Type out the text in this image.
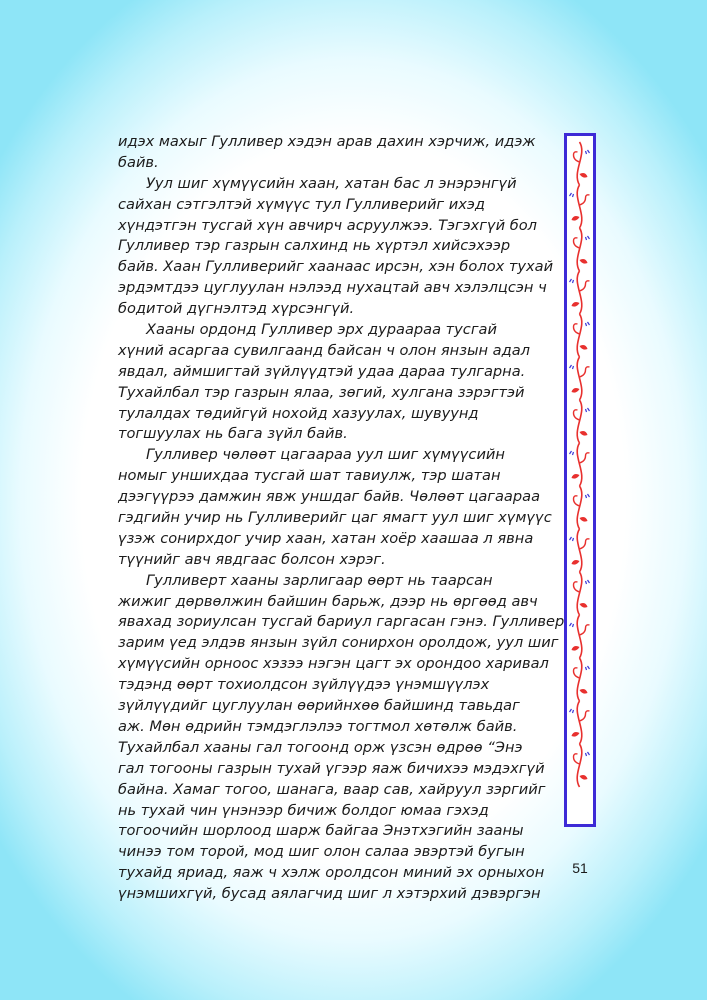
идэх махыг Гулливер хэдэн арав дахин хэрчиж, идэж
байв.
Уул шиг хүмүүсийн хаан, хатан бас л энэрэнгүй
сайхан сэтгэлтэй хүмүүс тул Гулливерийг ихэд
хүндэтгэн тусгай хүн авчирч асруулжээ. Тэгэхгүй бол
Гулливер тэр газрын салхинд нь хүртэл хийсэхээр
байв. Хаан Гулливерийг хаанаас ирсэн, хэн болох тухай
эрдэмтдээ цуглуулан нэлээд нухацтай авч хэлэлцсэн ч
бодитой дүгнэлтэд хүрсэнгүй.
Хааны ордонд Гулливер эрх дураараа тусгай
хүний асаргаа сувилгаанд байсан ч олон янзын адал
явдал, аймшигтай зүйлүүдтэй удаа дараа тулгарна.
Тухайлбал тэр газрын ялаа, зөгий, хулгана зэрэгтэй
тулалдах төдийгүй нохойд хазуулах, шувуунд
тогшуулах нь бага зүйл байв.
Гулливер чөлөөт цагаараа уул шиг хүмүүсийн
номыг уншихдаа тусгай шат тавиулж, тэр шатан
дээгүүрээ дамжин явж уншдаг байв. Чөлөөт цагаараа
гэдгийн учир нь Гулливерийг цаг ямагт уул шиг хүмүүс
үзэж сонирхдог учир хаан, хатан хоёр хаашаа л явна
түүнийг авч явдгаас болсон хэрэг.
Гулливерт хааны зарлигаар өөрт нь таарсан
жижиг дөрвөлжин байшин барьж, дээр нь өргөөд авч
явахад зориулсан тусгай бариул гаргасан гэнэ. Гулливер
зарим үед элдэв янзын зүйл сонирхон оролдож, уул шиг
хүмүүсийн орноос хэзээ нэгэн цагт эх орондоо харивал
тэдэнд өөрт тохиолдсон зүйлүүдээ үнэмшүүлэх
зүйлүүдийг цуглуулан өөрийнхөө байшинд тавьдаг
аж. Мөн өдрийн тэмдэглэлээ тогтмол хөтөлж байв.
Тухайлбал хааны гал тогоонд орж үзсэн өдрөө “Энэ
гал тогооны газрын тухай үгээр яаж бичихээ мэдэхгүй
байна. Хамаг тогоо, шанага, ваар сав, хайруул зэргийг
нь тухай чин үнэнээр бичиж болдог юмаа гэхэд
тогоочийн шорлоод шарж байгаа Энэтхэгийн зааны
чинээ том торой, мод шиг олон салаа эвэртэй бугын
тухайд яриад, яаж ч хэлж оролдсон миний эх орныхон
үнэмшихгүй, бусад аялагчид шиг л хэтэрхий дэвэргэн
51
